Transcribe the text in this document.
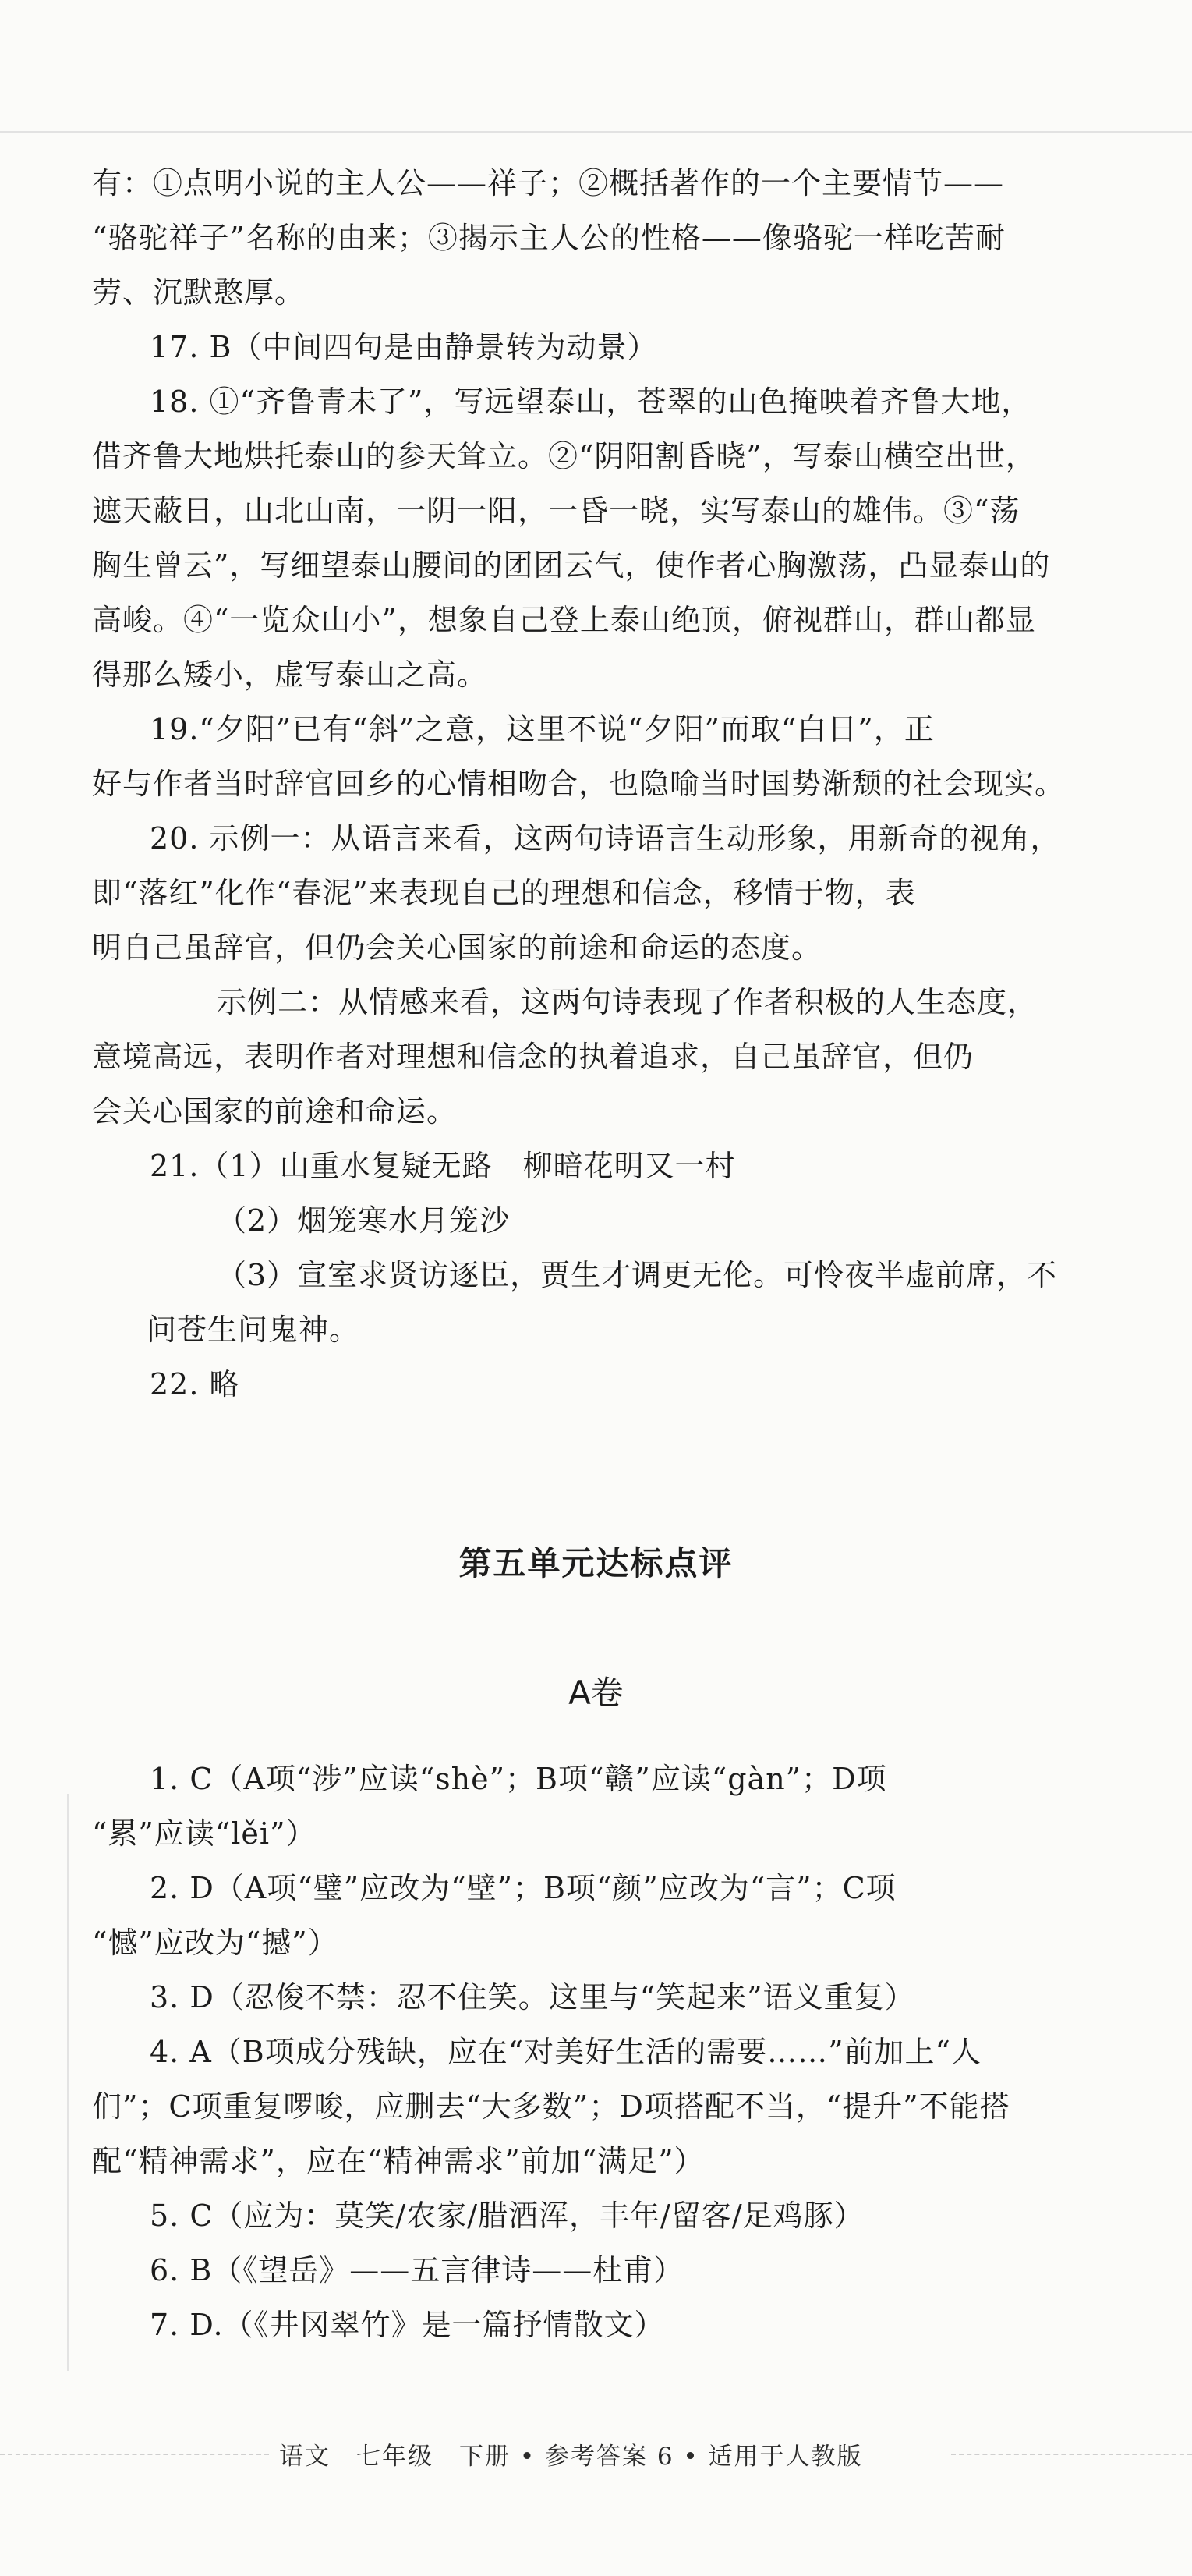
有：①点明小说的主人公——祥子；②概括著作的一个主要情节——
“骆驼祥子”名称的由来；③揭示主人公的性格——像骆驼一样吃苦耐
劳、沉默憨厚。
17. B（中间四句是由静景转为动景）
18. ①“齐鲁青未了”，写远望泰山，苍翠的山色掩映着齐鲁大地，
借齐鲁大地烘托泰山的参天耸立。②“阴阳割昏晓”，写泰山横空出世，
遮天蔽日，山北山南，一阴一阳，一昏一晓，实写泰山的雄伟。③“荡
胸生曾云”，写细望泰山腰间的团团云气，使作者心胸激荡，凸显泰山的
高峻。④“一览众山小”，想象自己登上泰山绝顶，俯视群山，群山都显
得那么矮小，虚写泰山之高。
19.“夕阳”已有“斜”之意，这里不说“夕阳”而取“白日”，正
好与作者当时辞官回乡的心情相吻合，也隐喻当时国势渐颓的社会现实。
20. 示例一：从语言来看，这两句诗语言生动形象，用新奇的视角，
即“落红”化作“春泥”来表现自己的理想和信念，移情于物，表
明自己虽辞官，但仍会关心国家的前途和命运的态度。
示例二：从情感来看，这两句诗表现了作者积极的人生态度，
意境高远，表明作者对理想和信念的执着追求，自己虽辞官，但仍
会关心国家的前途和命运。
21.（1）山重水复疑无路　柳暗花明又一村
（2）烟笼寒水月笼沙
（3）宣室求贤访逐臣，贾生才调更无伦。可怜夜半虚前席，不
问苍生问鬼神。
22. 略
第五单元达标点评
A卷
1. C（A项“涉”应读“shè”；B项“赣”应读“gàn”；D项
“累”应读“lěi”）
2. D（A项“璧”应改为“壁”；B项“颜”应改为“言”；C项
“憾”应改为“撼”）
3. D（忍俊不禁：忍不住笑。这里与“笑起来”语义重复）
4. A（B项成分残缺，应在“对美好生活的需要……”前加上“人
们”；C项重复啰唆，应删去“大多数”；D项搭配不当，“提升”不能搭
配“精神需求”，应在“精神需求”前加“满足”）
5. C（应为：莫笑/农家/腊酒浑，丰年/留客/足鸡豚）
6. B（《望岳》——五言律诗——杜甫）
7. D.（《井冈翠竹》是一篇抒情散文）
语文　七年级　下册 • 参考答案 6 • 适用于人教版
